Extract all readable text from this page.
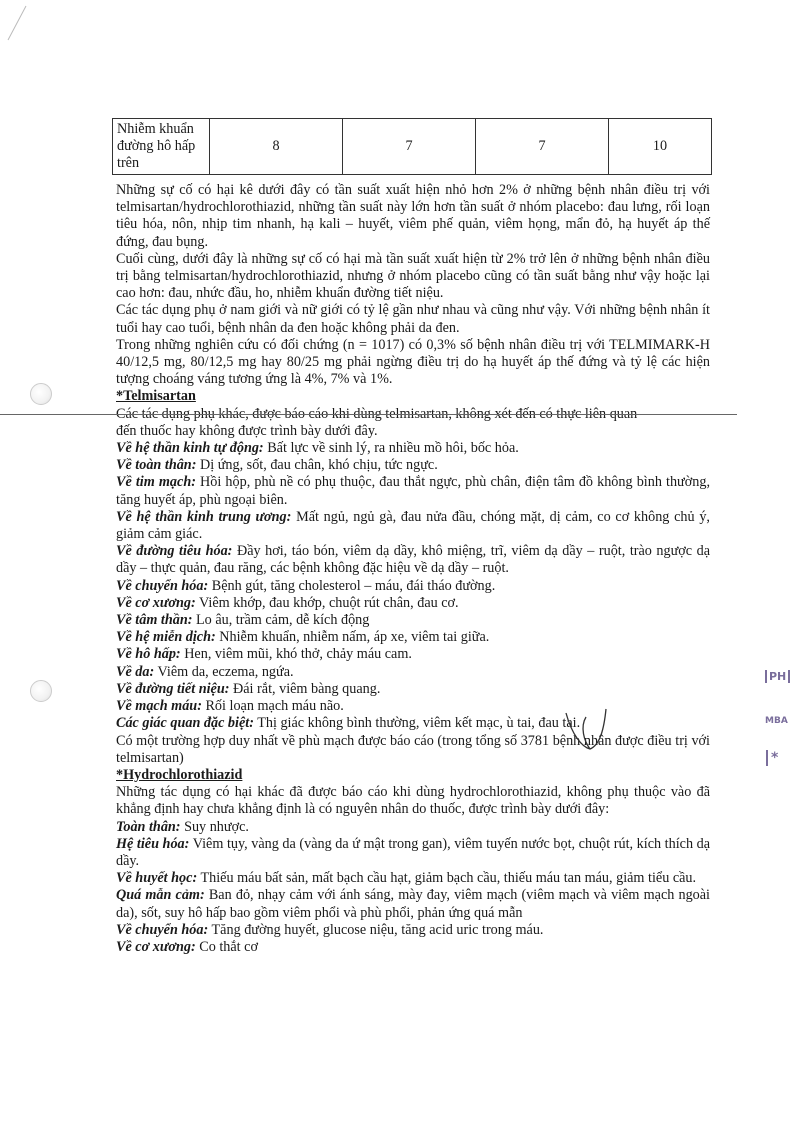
Nhiễm khuẩn
đường hô hấp
trên	8	7	7	10

Những sự cố có hại kê dưới đây có tần suất xuất hiện nhỏ hơn 2% ở những bệnh nhân điều trị với telmisartan/hydrochlorothiazid, những tần suất này lớn hơn tần suất ở nhóm placebo: đau lưng, rối loạn tiêu hóa, nôn, nhịp tim nhanh, hạ kali – huyết, viêm phế quản, viêm họng, mẩn đỏ, hạ huyết áp thế đứng, đau bụng.

Cuối cùng, dưới đây là những sự cố có hại mà tần suất xuất hiện từ 2% trở lên ở những bệnh nhân điều trị bằng telmisartan/hydrochlorothiazid, nhưng ở nhóm placebo cũng có tần suất bằng như vậy hoặc lại cao hơn: đau, nhức đầu, ho, nhiễm khuẩn đường tiết niệu.

Các tác dụng phụ ở nam giới và nữ giới có tỷ lệ gần như nhau và cũng như vậy. Với những bệnh nhân ít tuổi hay cao tuổi, bệnh nhân da đen hoặc không phải da đen.

Trong những nghiên cứu có đối chứng (n = 1017) có 0,3% số bệnh nhân điều trị với TELMIMARK-H 40/12,5 mg, 80/12,5 mg hay 80/25 mg phải ngừng điều trị do hạ huyết áp thế đứng và tỷ lệ các hiện tượng choáng váng tương ứng là 4%, 7% và 1%.

*Telmisartan

Các tác dụng phụ khác, được báo cáo khi dùng telmisartan, không xét đến có thực liên quan
đến thuốc hay không được trình bày dưới đây.

Về hệ thần kinh tự động: Bất lực về sinh lý, ra nhiều mồ hôi, bốc hỏa.

Về toàn thân: Dị ứng, sốt, đau chân, khó chịu, tức ngực.

Về tim mạch: Hồi hộp, phù nề có phụ thuộc, đau thắt ngực, phù chân, điện tâm đồ không bình thường, tăng huyết áp, phù ngoại biên.

Về hệ thần kinh trung ương: Mất ngủ, ngủ gà, đau nửa đầu, chóng mặt, dị cảm, co cơ không chủ ý, giảm cảm giác.

Về đường tiêu hóa: Đầy hơi, táo bón, viêm dạ dầy, khô miệng, trĩ, viêm dạ dầy – ruột, trào ngược dạ dầy – thực quản, đau răng, các bệnh không đặc hiệu về dạ dầy – ruột.

Về chuyển hóa: Bệnh gút, tăng cholesterol – máu, đái tháo đường.

Về cơ xương: Viêm khớp, đau khớp, chuột rút chân, đau cơ.

Về tâm thần: Lo âu, trầm cảm, dễ kích động

Về hệ miễn dịch: Nhiễm khuẩn, nhiễm nấm, áp xe, viêm tai giữa.

Về hô hấp: Hen, viêm mũi, khó thở, chảy máu cam.

Về da: Viêm da, eczema, ngứa.

Về đường tiết niệu: Đái rắt, viêm bàng quang.

Về mạch máu: Rối loạn mạch máu não.

Các giác quan đặc biệt: Thị giác không bình thường, viêm kết mạc, ù tai, đau tai.

Có một trường hợp duy nhất về phù mạch được báo cáo (trong tổng số 3781 bệnh nhân được điều trị với telmisartan)

*Hydrochlorothiazid

Những tác dụng có hại khác đã được báo cáo khi dùng hydrochlorothiazid, không phụ thuộc vào đã khẳng định hay chưa khẳng định là có nguyên nhân do thuốc, được trình bày dưới đây:

Toàn thân: Suy nhược.

Hệ tiêu hóa: Viêm tụy, vàng da (vàng da ứ mật trong gan), viêm tuyến nước bọt, chuột rút, kích thích dạ dầy.

Về huyết học: Thiếu máu bất sản, mất bạch cầu hạt, giảm bạch cầu, thiếu máu tan máu, giảm tiểu cầu.

Quá mẫn cảm: Ban đỏ, nhạy cảm với ánh sáng, mày đay, viêm mạch (viêm mạch và viêm mạch ngoài da), sốt, suy hô hấp bao gồm viêm phổi và phù phổi, phản ứng quá mẫn

Về chuyển hóa: Tăng đường huyết, glucose niệu, tăng acid uric trong máu.

Về cơ xương: Co thắt cơ

PH
MBA
*
